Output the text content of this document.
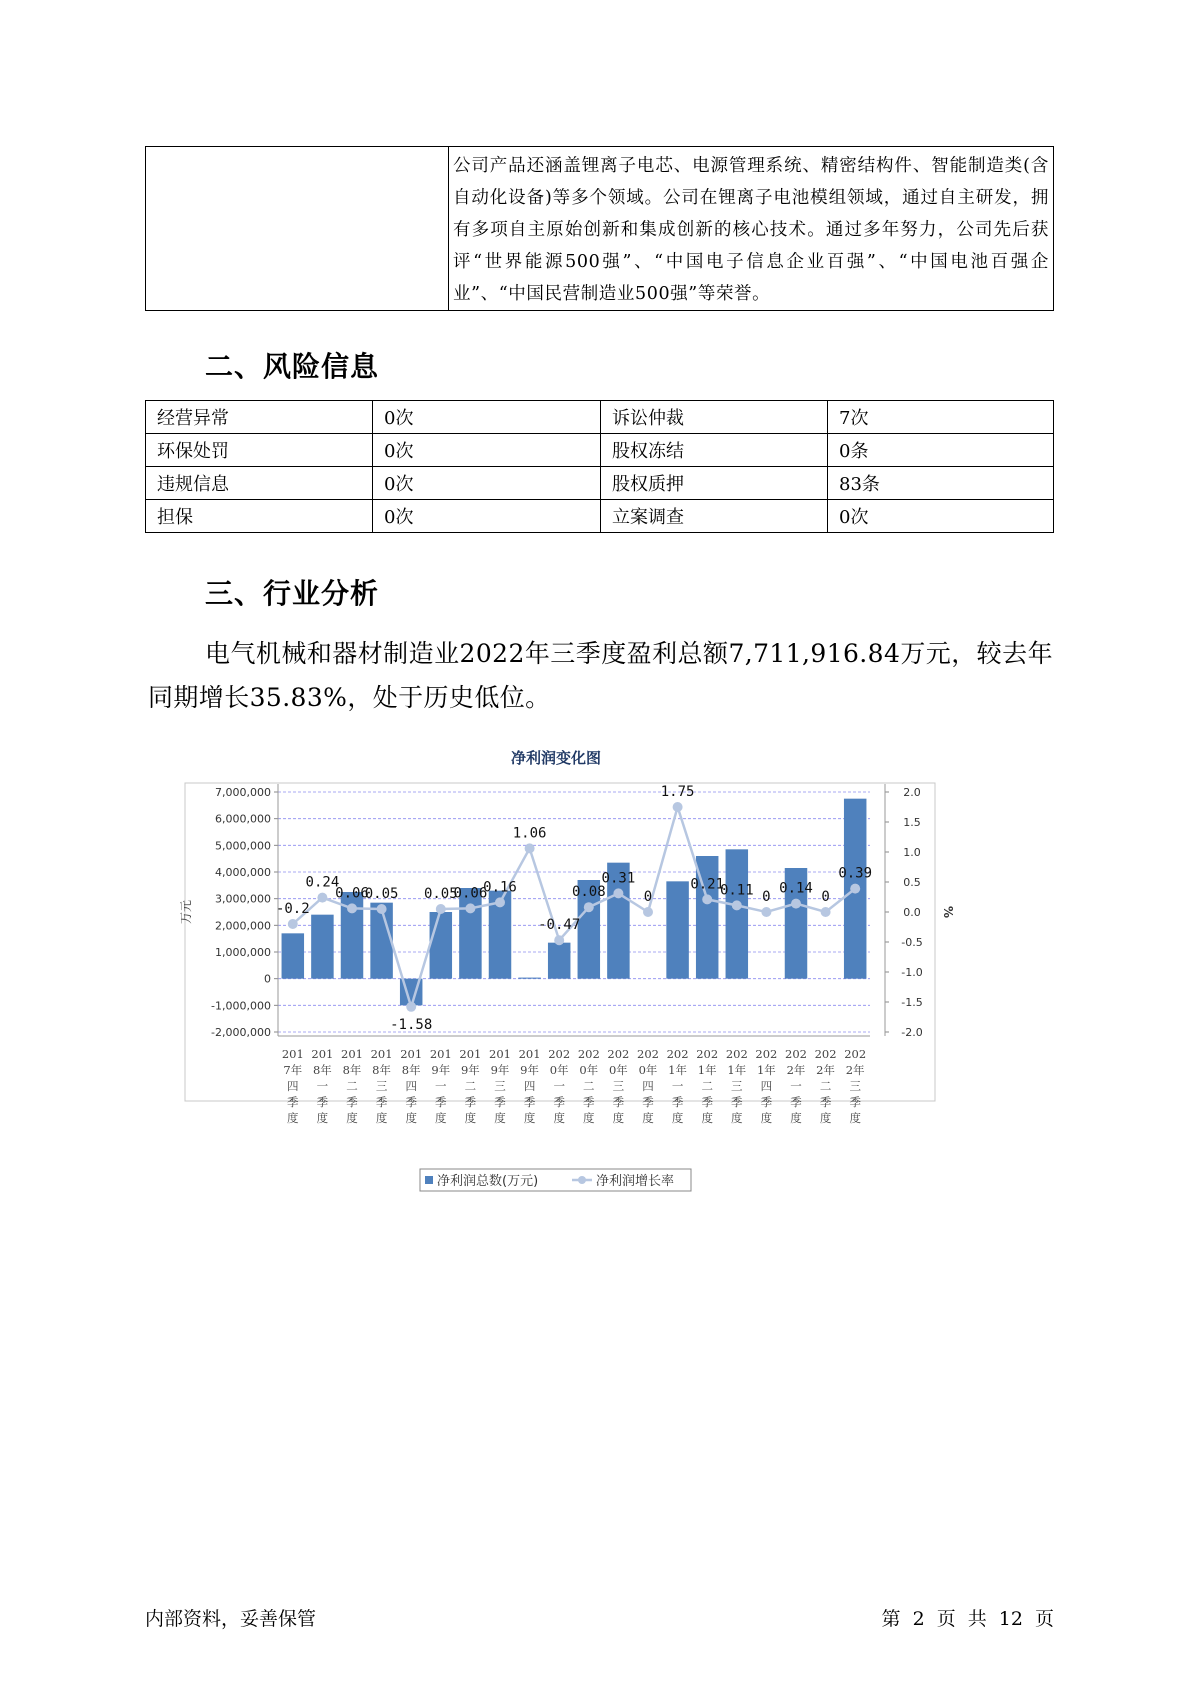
公司产品还涵盖锂离子电芯、电源管理系统、精密结构件、智能制造类(含自动化设备)等多个领域。公司在锂离子电池模组领域，通过自主研发，拥有多项自主原始创新和集成创新的核心技术。通过多年努力，公司先后获评“世界能源500强”、“中国电子信息企业百强”、“中国电池百强企业”、“中国民营制造业500强”等荣誉。
二、风险信息
经营异常	0次	诉讼仲裁	7次
环保处罚	0次	股权冻结	0条
违规信息	0次	股权质押	83条
担保	0次	立案调查	0次
三、行业分析

电气机械和器材制造业2022年三季度盈利总额7,711,916.84万元，较去年同期增长35.83%，处于历史低位。

净利润变化图
7,000,000
6,000,000
5,000,000
4,000,000
3,000,000
2,000,000
1,000,000
0
-1,000,000
-2,000,000
2.0
1.5
1.0
0.5
0.0
-0.5
-1.0
-1.5
-2.0
万元	%
-0.2
0.24
0.06
0.05
-1.58
0.05
0.06
0.16
1.06
-0.47
0.08
0.31
0
1.75
0.21
0.11 0
0.14
0
0.39
201 7年四季度
201 8年一季度
201 8年二季度
201 8年三季度
201 8年四季度
201 9年一季度
201 9年二季度
201 9年三季度
201 9年四季度
202 0年一季度
202 0年二季度
202 0年三季度
202 0年四季度
202 1年一季度
202 1年二季度
202 1年三季度
202 1年四季度
202 2年一季度
202 2年二季度
202 2年三季度
净利润总数(万元)	净利润增长率
内部资料，妥善保管	第 2 页 共 12 页
